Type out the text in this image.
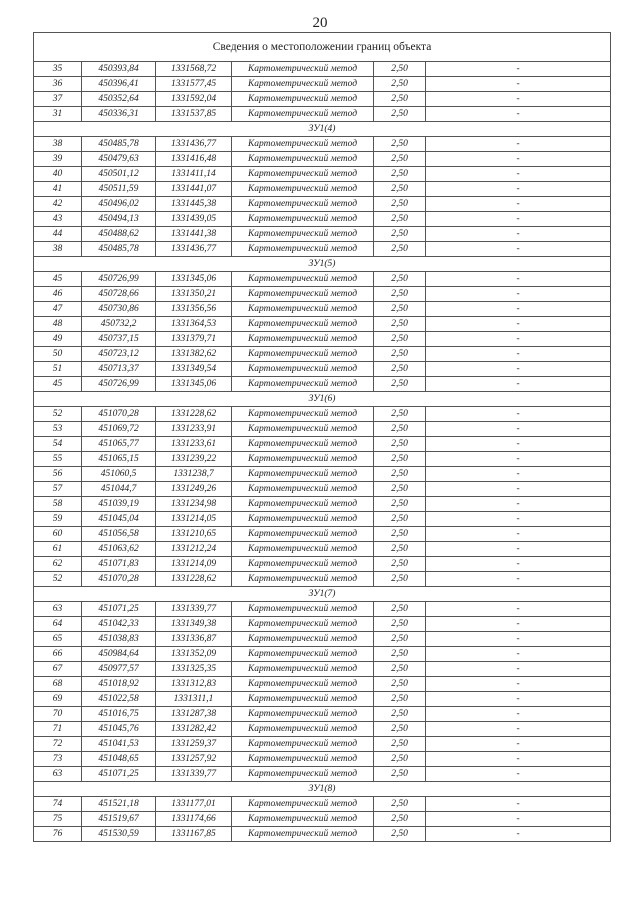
20
Сведения о местоположении границ объекта					
35	450393,84	1331568,72	Картометрический метод	2,50	-
36	450396,41	1331577,45	Картометрический метод	2,50	-
37	450352,64	1331592,04	Картометрический метод	2,50	-
31	450336,31	1331537,85	Картометрический метод	2,50	-
ЗУ1(4)					
38	450485,78	1331436,77	Картометрический метод	2,50	-
39	450479,63	1331416,48	Картометрический метод	2,50	-
40	450501,12	1331411,14	Картометрический метод	2,50	-
41	450511,59	1331441,07	Картометрический метод	2,50	-
42	450496,02	1331445,38	Картометрический метод	2,50	-
43	450494,13	1331439,05	Картометрический метод	2,50	-
44	450488,62	1331441,38	Картометрический метод	2,50	-
38	450485,78	1331436,77	Картометрический метод	2,50	-
ЗУ1(5)					
45	450726,99	1331345,06	Картометрический метод	2,50	-
46	450728,66	1331350,21	Картометрический метод	2,50	-
47	450730,86	1331356,56	Картометрический метод	2,50	-
48	450732,2	1331364,53	Картометрический метод	2,50	-
49	450737,15	1331379,71	Картометрический метод	2,50	-
50	450723,12	1331382,62	Картометрический метод	2,50	-
51	450713,37	1331349,54	Картометрический метод	2,50	-
45	450726,99	1331345,06	Картометрический метод	2,50	-
ЗУ1(6)					
52	451070,28	1331228,62	Картометрический метод	2,50	-
53	451069,72	1331233,91	Картометрический метод	2,50	-
54	451065,77	1331233,61	Картометрический метод	2,50	-
55	451065,15	1331239,22	Картометрический метод	2,50	-
56	451060,5	1331238,7	Картометрический метод	2,50	-
57	451044,7	1331249,26	Картометрический метод	2,50	-
58	451039,19	1331234,98	Картометрический метод	2,50	-
59	451045,04	1331214,05	Картометрический метод	2,50	-
60	451056,58	1331210,65	Картометрический метод	2,50	-
61	451063,62	1331212,24	Картометрический метод	2,50	-
62	451071,83	1331214,09	Картометрический метод	2,50	-
52	451070,28	1331228,62	Картометрический метод	2,50	-
ЗУ1(7)					
63	451071,25	1331339,77	Картометрический метод	2,50	-
64	451042,33	1331349,38	Картометрический метод	2,50	-
65	451038,83	1331336,87	Картометрический метод	2,50	-
66	450984,64	1331352,09	Картометрический метод	2,50	-
67	450977,57	1331325,35	Картометрический метод	2,50	-
68	451018,92	1331312,83	Картометрический метод	2,50	-
69	451022,58	1331311,1	Картометрический метод	2,50	-
70	451016,75	1331287,38	Картометрический метод	2,50	-
71	451045,76	1331282,42	Картометрический метод	2,50	-
72	451041,53	1331259,37	Картометрический метод	2,50	-
73	451048,65	1331257,92	Картометрический метод	2,50	-
63	451071,25	1331339,77	Картометрический метод	2,50	-
ЗУ1(8)					
74	451521,18	1331177,01	Картометрический метод	2,50	-
75	451519,67	1331174,66	Картометрический метод	2,50	-
76	451530,59	1331167,85	Картометрический метод	2,50	-
